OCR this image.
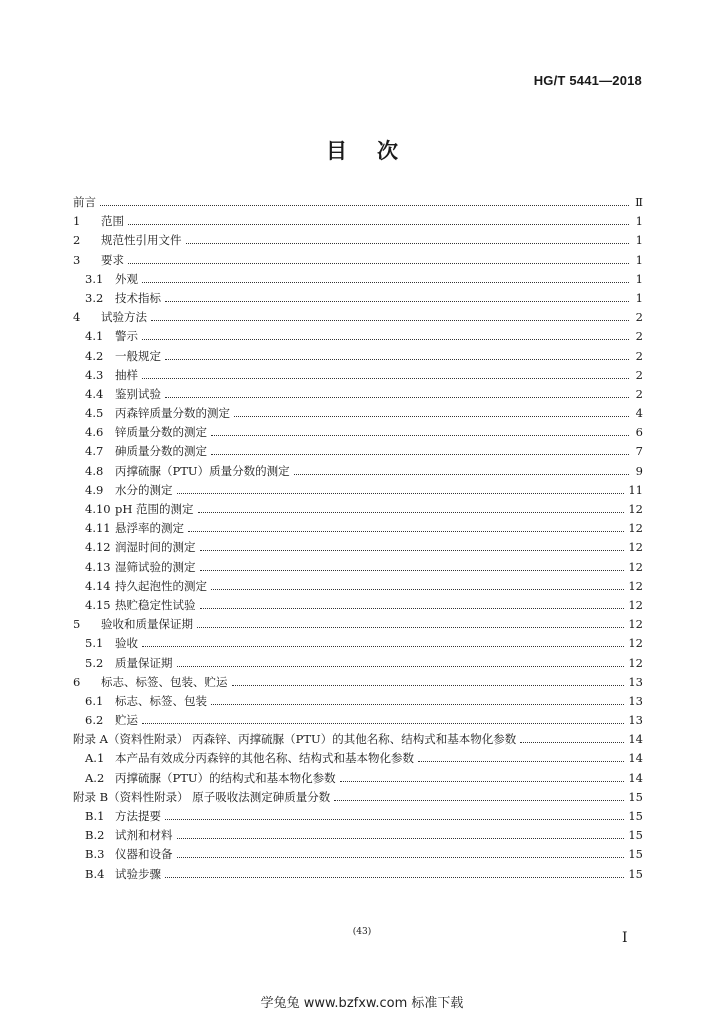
HG/T 5441—2018
目次
前言	Ⅱ
1 范围	1
2 规范性引用文件	1
3 要求	1
3.1 外观	1
3.2 技术指标	1
4 试验方法	2
4.1 警示	2
4.2 一般规定	2
4.3 抽样	2
4.4 鉴别试验	2
4.5 丙森锌质量分数的测定	4
4.6 锌质量分数的测定	6
4.7 砷质量分数的测定	7
4.8 丙撑硫脲（PTU）质量分数的测定	9
4.9 水分的测定	11
4.10 pH 范围的测定	12
4.11 悬浮率的测定	12
4.12 润湿时间的测定	12
4.13 湿筛试验的测定	12
4.14 持久起泡性的测定	12
4.15 热贮稳定性试验	12
5 验收和质量保证期	12
5.1 验收	12
5.2 质量保证期	12
6 标志、标签、包装、贮运	13
6.1 标志、标签、包装	13
6.2 贮运	13
附录 A（资料性附录） 丙森锌、丙撑硫脲（PTU）的其他名称、结构式和基本物化参数	14
A.1 本产品有效成分丙森锌的其他名称、结构式和基本物化参数	14
A.2 丙撑硫脲（PTU）的结构式和基本物化参数	14
附录 B（资料性附录） 原子吸收法测定砷质量分数	15
B.1 方法提要	15
B.2 试剂和材料	15
B.3 仪器和设备	15
B.4 试验步骤	15
(43)	I
学兔兔 www.bzfxw.com 标准下载
